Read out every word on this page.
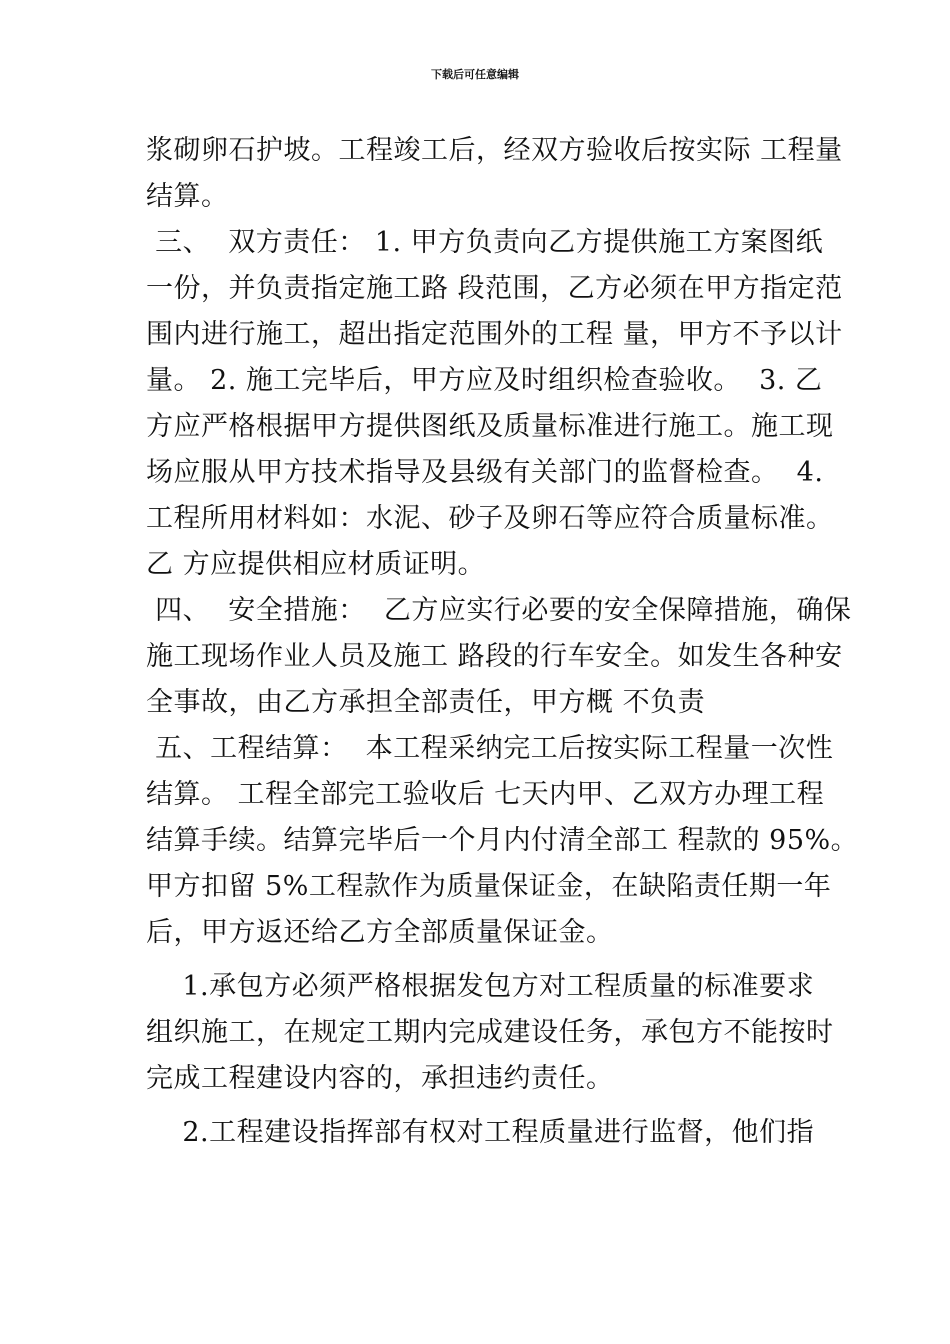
下载后可任意编辑
浆砌卵石护坡。工程竣工后，经双方验收后按实际 工程量
结算。
三、  双方责任： 1. 甲方负责向乙方提供施工方案图纸
一份，并负责指定施工路 段范围，乙方必须在甲方指定范
围内进行施工，超出指定范围外的工程 量，甲方不予以计
量。 2. 施工完毕后，甲方应及时组织检查验收。  3. 乙
方应严格根据甲方提供图纸及质量标准进行施工。施工现
场应服从甲方技术指导及县级有关部门的监督检查。  4.
工程所用材料如：水泥、砂子及卵石等应符合质量标准。
乙 方应提供相应材质证明。
四、  安全措施：  乙方应实行必要的安全保障措施，确保
施工现场作业人员及施工 路段的行车安全。如发生各种安
全事故，由乙方承担全部责任，甲方概 不负责
五、工程结算：  本工程采纳完工后按实际工程量一次性
结算。 工程全部完工验收后 七天内甲、乙双方办理工程
结算手续。结算完毕后一个月内付清全部工 程款的 95%。
甲方扣留 5%工程款作为质量保证金，在缺陷责任期一年
后，甲方返还给乙方全部质量保证金。
1.承包方必须严格根据发包方对工程质量的标准要求
组织施工，在规定工期内完成建设任务，承包方不能按时
完成工程建设内容的，承担违约责任。
2.工程建设指挥部有权对工程质量进行监督，他们指
